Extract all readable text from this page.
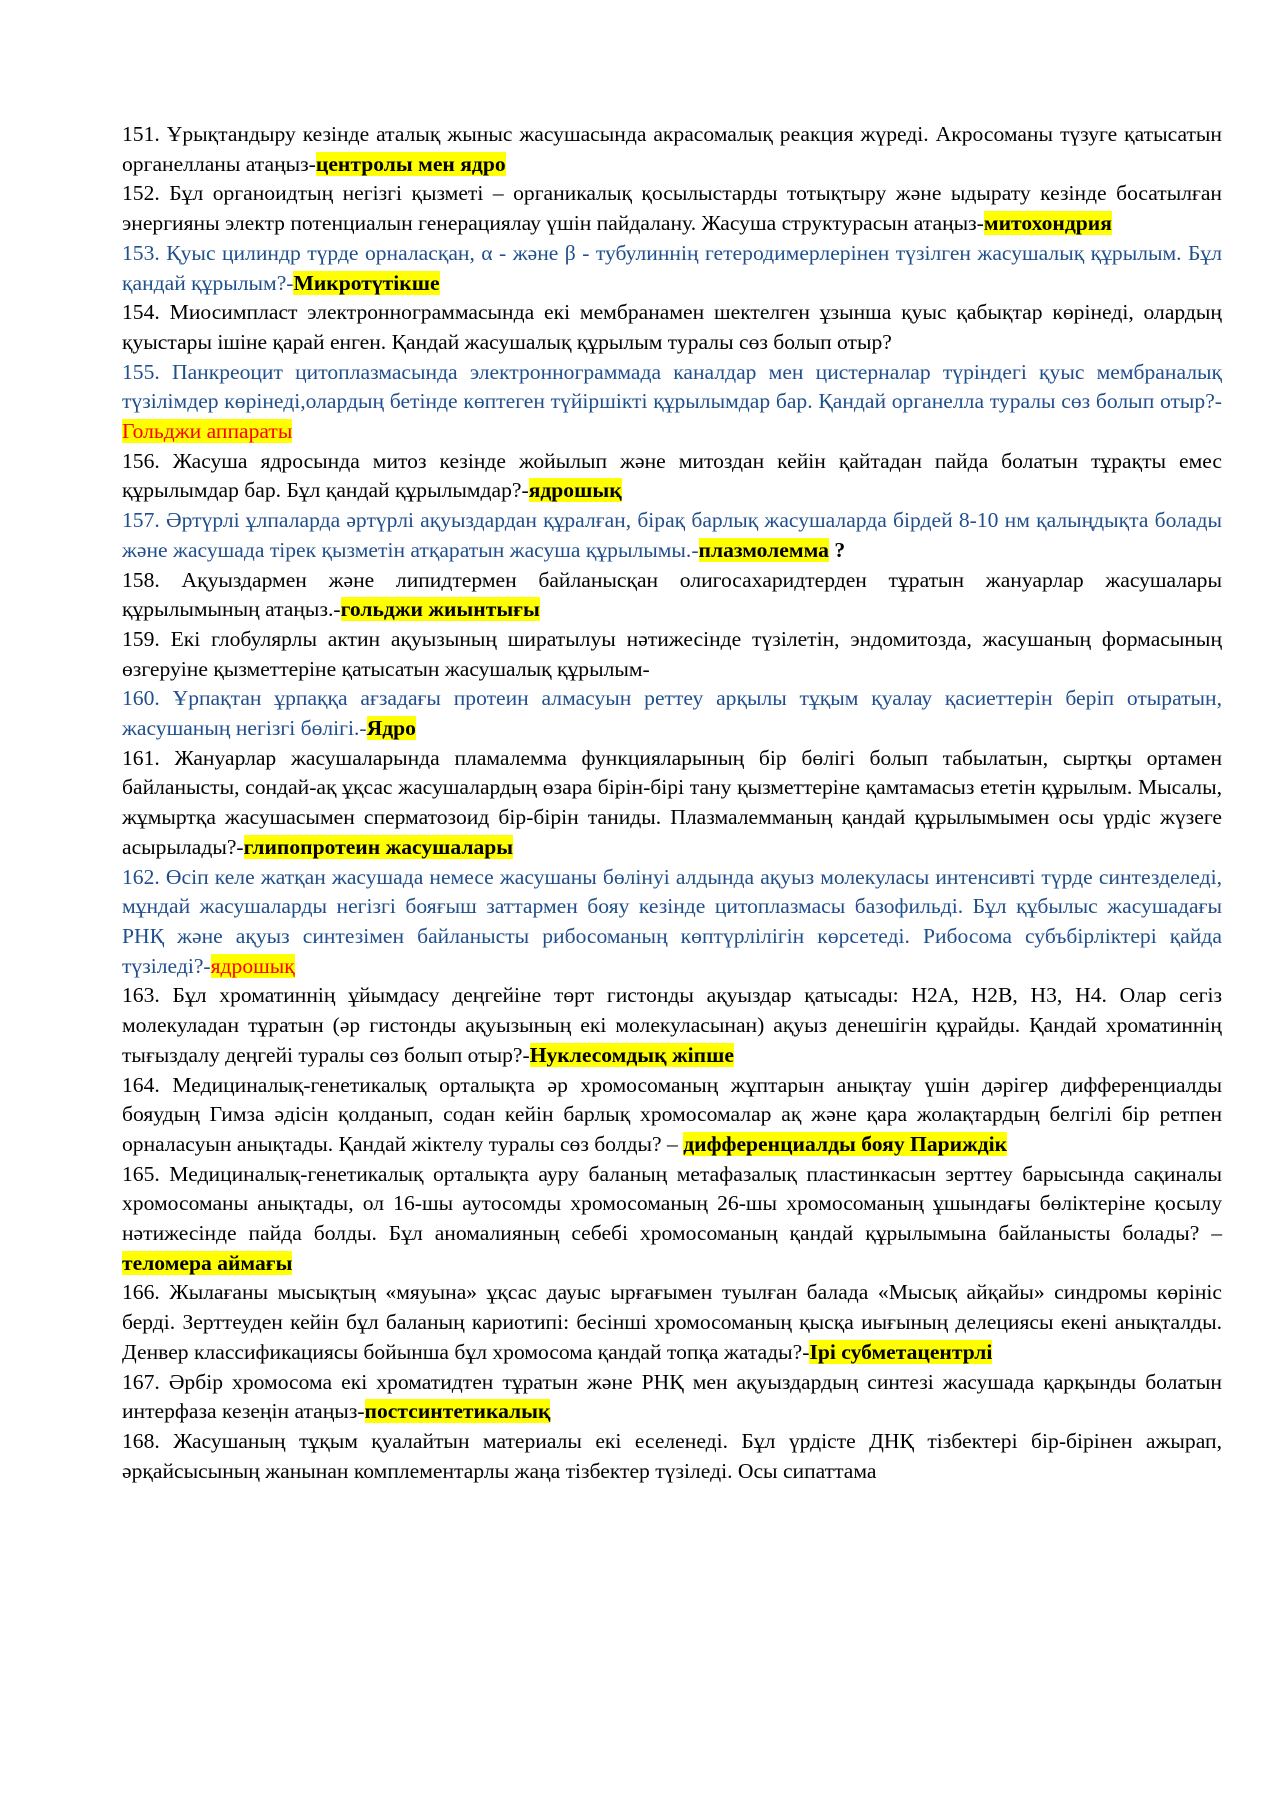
151. Ұрықтандыру кезінде аталық жыныс жасушасында акрасомалық реакция жүреді. Акросоманы түзуге қатысатын органелланы атаңыз-центролы мен ядро
152. Бұл органоидтың негізгі қызметі – органикалық қосылыстарды тотықтыру және ыдырату кезінде босатылған энергияны электр потенциалын генерациялау үшін пайдалану. Жасуша структурасын атаңыз-митохондрия
153. Қуыс цилиндр түрде орналасқан, α - және β - тубулиннің гетеродимерлерінен түзілген жасушалық құрылым. Бұл қандай құрылым?-Микротүтікше
154. Миосимпласт электроннограммасында екі мембранамен шектелген ұзынша қуыс қабықтар көрінеді, олардың қуыстары ішіне қарай енген. Қандай жасушалық құрылым туралы сөз болып отыр?
155. Панкреоцит цитоплазмасында электроннограммада каналдар мен цистерналар түріндегі қуыс мембраналық түзілімдер көрінеді,олардың бетінде көптеген түйіршікті құрылымдар бар. Қандай органелла туралы сөз болып отыр?-Гольджи аппараты
156. Жасуша ядросында митоз кезінде жойылып және митоздан кейін қайтадан пайда болатын тұрақты емес құрылымдар бар. Бұл қандай құрылымдар?-ядрошық
157. Әртүрлі ұлпаларда әртүрлі ақуыздардан құралған, бірақ барлық жасушаларда бірдей 8-10 нм қалыңдықта болады және жасушада тірек қызметін атқаратын жасуша құрылымы.-плазмолемма ?
158. Ақуыздармен және липидтермен байланысқан олигосахаридтерден тұратын жануарлар жасушалары құрылымының атаңыз.-гольджи жиынтығы
159. Екі глобулярлы актин ақуызының ширатылуы нәтижесінде түзілетін, эндомитозда, жасушаның формасының өзгеруіне қызметтеріне қатысатын жасушалық құрылым-
160. Ұрпақтан ұрпаққа ағзадағы протеин алмасуын реттеу арқылы тұқым қуалау қасиеттерін беріп отыратын, жасушаның негізгі бөлігі.-Ядро
161. Жануарлар жасушаларында пламалемма функцияларының бір бөлігі болып табылатын, сыртқы ортамен байланысты, сондай-ақ ұқсас жасушалардың өзара бірін-бірі тану қызметтеріне қамтамасыз ететін құрылым. Мысалы, жұмыртқа жасушасымен сперматозоид бір-бірін таниды. Плазмалемманың қандай құрылымымен осы үрдіс жүзеге асырылады?-глипопротеин жасушалары
162. Өсіп келе жатқан жасушада немесе жасушаны бөлінуі алдында ақуыз молекуласы интенсивті түрде синтезделеді, мұндай жасушаларды негізгі бояғыш заттармен бояу кезінде цитоплазмасы базофильді. Бұл құбылыс жасушадағы РНҚ және ақуыз синтезімен байланысты рибосоманың көптүрлілігін көрсетеді. Рибосома субъбірліктері қайда түзіледі?-ядрошық
163. Бұл хроматиннің ұйымдасу деңгейіне төрт гистонды ақуыздар қатысады: Н2А, Н2В, Н3, Н4. Олар сегіз молекуладан тұратын (әр гистонды ақуызының екі молекуласынан) ақуыз денешігін құрайды. Қандай хроматиннің тығыздалу деңгейі туралы сөз болып отыр?-Нуклесомдық жіпше
164. Медициналық-генетикалық орталықта әр хромосоманың жұптарын анықтау үшін дәрігер дифференциалды бояудың Гимза әдісін қолданып, содан кейін барлық хромосомалар ақ және қара жолақтардың белгілі бір ретпен орналасуын анықтады. Қандай жіктелу туралы сөз болды? – дифференциалды бояу Париждік
165. Медициналық-генетикалық орталықта ауру баланың метафазалық пластинкасын зерттеу барысында сақиналы хромосоманы анықтады, ол 16-шы аутосомды хромосоманың 26-шы хромосоманың ұшындағы бөліктеріне қосылу нәтижесінде пайда болды. Бұл аномалияның себебі хромосоманың қандай құрылымына байланысты болады? – теломера аймағы
166. Жылағаны мысықтың «мяуына» ұқсас дауыс ырғағымен туылған балада «Мысық айқайы» синдромы көрініс берді. Зерттеуден кейін бұл баланың кариотипі: бесінші хромосоманың қысқа иығының делециясы екені анықталды. Денвер классификациясы бойынша бұл хромосома қандай топқа жатады?-Ірі субметацентрлі
167. Әрбір хромосома екі хроматидтен тұратын және РНҚ мен ақуыздардың синтезі жасушада қарқынды болатын интерфаза кезеңін атаңыз-постсинтетикалық
168. Жасушаның тұқым қуалайтын материалы екі еселенеді. Бұл үрдісте ДНҚ тізбектері бір-бірінен ажырап, әрқайсысының жанынан комплементарлы жаңа тізбектер түзіледі. Осы сипаттама
